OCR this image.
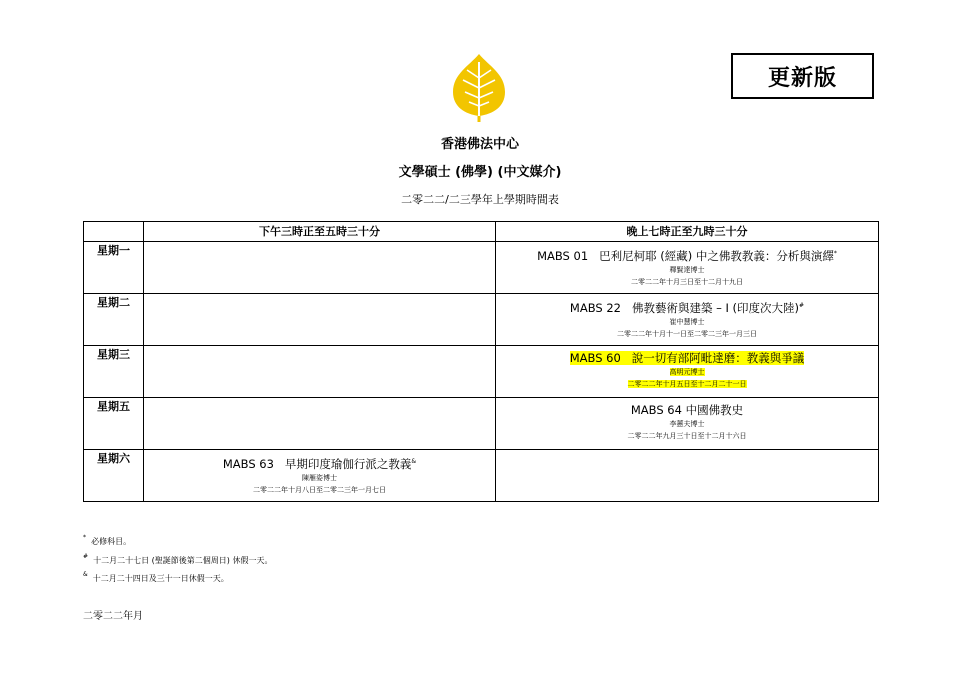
更新版
香港佛法中心
文學碩士 (佛學) (中文媒介)
二零二二/二三學年上學期時間表
	下午三時正至五時三十分	晚上七時正至九時三十分
星期一		MABS 01 巴利尼柯耶 (經藏) 中之佛教教義：分析與演繹*
釋賢達博士
二零二二年十月三日至十二月十九日

星期二		MABS 22 佛教藝術與建築 – I (印度次大陸)#
崔中慧博士
二零二二年十月十一日至二零二三年一月三日

星期三		MABS 60 說一切有部阿毗達磨：教義與爭議
高明元博士
二零二二年十月五日至十二月二十一日

星期五		MABS 64 中國佛教史
李蕙夫博士
二零二二年九月三十日至十二月十六日

星期六	MABS 63 早期印度瑜伽行派之教義&
陳雁姿博士
二零二二年十月八日至二零二三年一月七日	

* 必修科目。
# 十二月二十七日 (聖誕節後第二個周日) 休假一天。
& 十二月二十四日及三十一日休假一天。
二零二二年月
